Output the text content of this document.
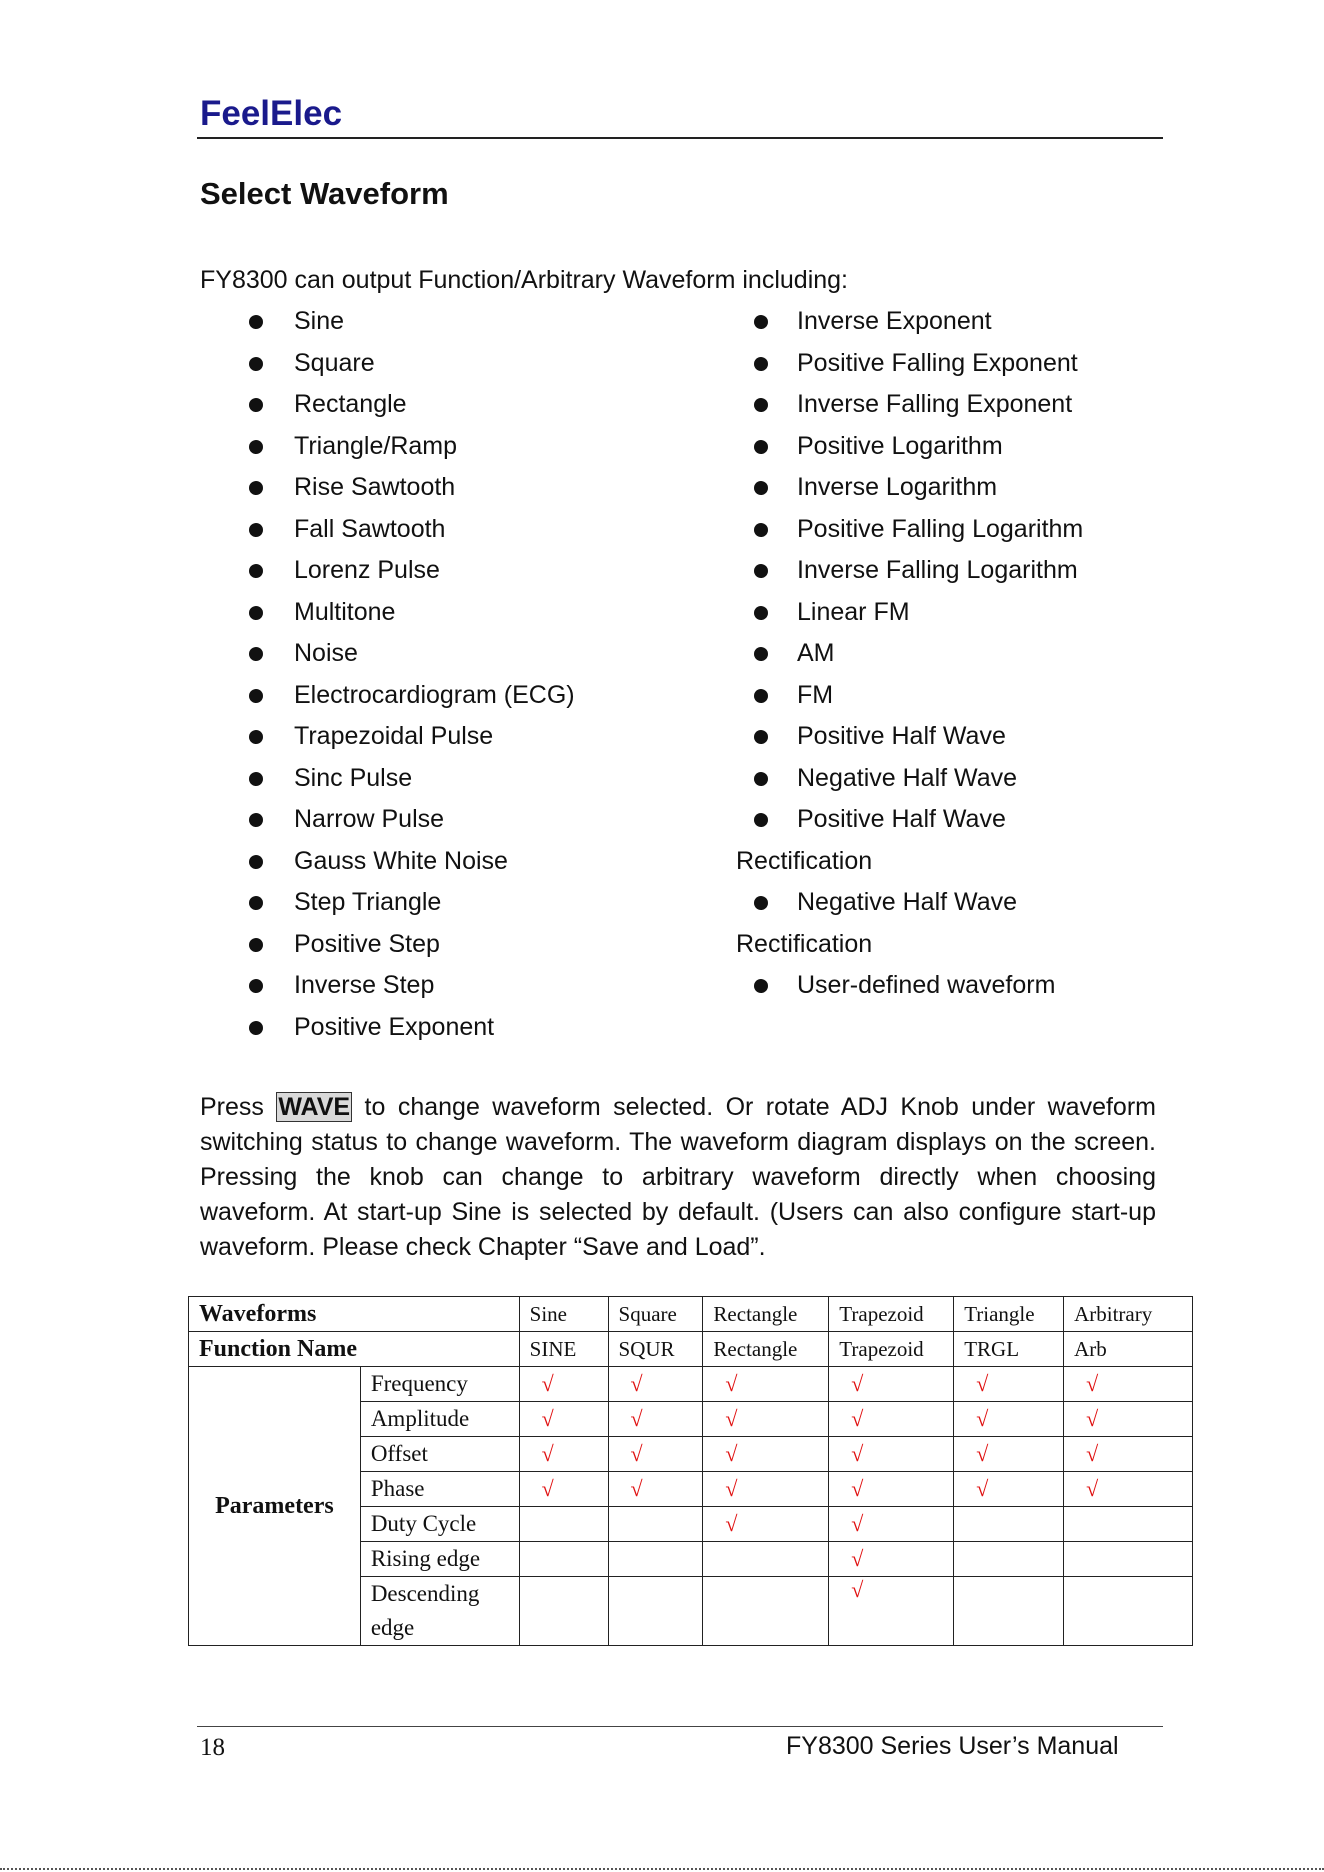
FeelElec
Select Waveform
FY8300 can output Function/Arbitrary Waveform including:
Sine
Square
Rectangle
Triangle/Ramp
Rise Sawtooth
Fall Sawtooth
Lorenz Pulse
Multitone
Noise
Electrocardiogram (ECG)
Trapezoidal Pulse
Sinc Pulse
Narrow Pulse
Gauss White Noise
Step Triangle
Positive Step
Inverse Step
Positive Exponent
Inverse Exponent
Positive Falling Exponent
Inverse Falling Exponent
Positive Logarithm
Inverse Logarithm
Positive Falling Logarithm
Inverse Falling Logarithm
Linear FM
AM
FM
Positive Half Wave
Negative Half Wave
Positive Half Wave
Rectification
Negative Half Wave
Rectification
User-defined waveform
Press WAVE to change waveform selected. Or rotate ADJ Knob under waveform switching status to change waveform. The waveform diagram displays on the screen. Pressing the knob can change to arbitrary waveform directly when choosing waveform. At start-up Sine is selected by default. (Users can also configure start-up waveform. Please check Chapter “Save and Load”.
Waveforms		Sine	Square	Rectangle	Trapezoid	Triangle	Arbitrary
Function Name		SINE	SQUR	Rectangle	Trapezoid	TRGL	Arb
Parameters	Frequency	√	√	√	√	√	√
	Amplitude	√	√	√	√	√	√
	Offset	√	√	√	√	√	√
	Phase	√	√	√	√	√	√
	Duty Cycle			√	√		
	Rising edge				√		
	Descending edge				√		
18	FY8300 Series User’s Manual
